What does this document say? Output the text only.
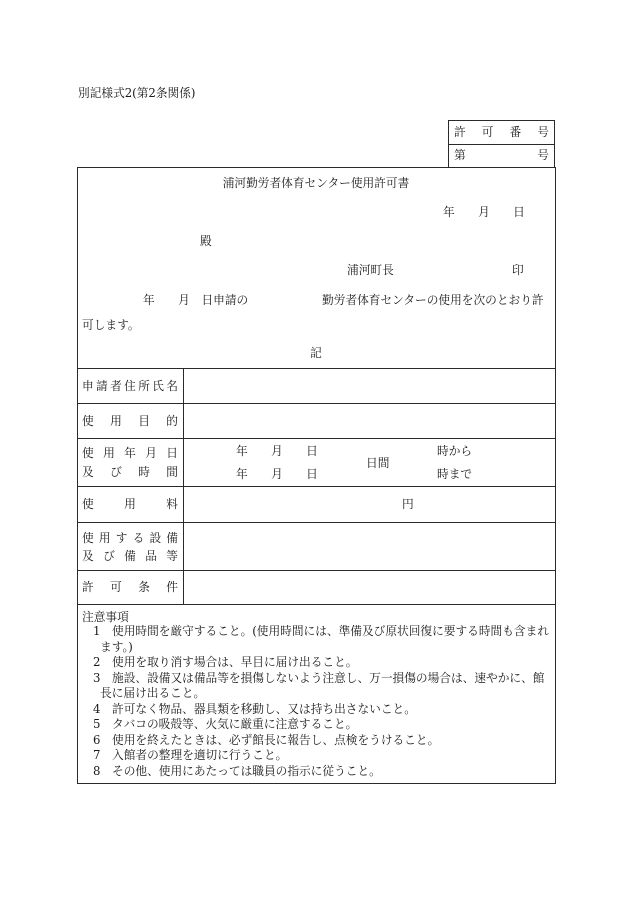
別記様式2(第2条関係)
許　可　番　号
第　　　　　号
浦河勤労者体育センター使用許可書
年　　月　　日
殿
浦河町長	印
年　　月　日申請の	勤労者体育センターの使用を次のとおり許
可します。
記
申請者住所氏名
使　用　目　的
使用年月日
及び時間
使　　用　　料
使用する設備
及び備品等
許　可　条　件
年　　月　　日
年　　月　　日
日間
時から
時まで
円
注意事項
1 使用時間を厳守すること。(使用時間には、準備及び原状回復に要する時間も含まれ
ます。)
2 使用を取り消す場合は、早目に届け出ること。
3 施設、設備又は備品等を損傷しないよう注意し、万一損傷の場合は、速やかに、館
長に届け出ること。
4 許可なく物品、器具類を移動し、又は持ち出さないこと。
5 タバコの吸殻等、火気に厳重に注意すること。
6 使用を終えたときは、必ず館長に報告し、点検をうけること。
7 入館者の整理を適切に行うこと。
8 その他、使用にあたっては職員の指示に従うこと。
